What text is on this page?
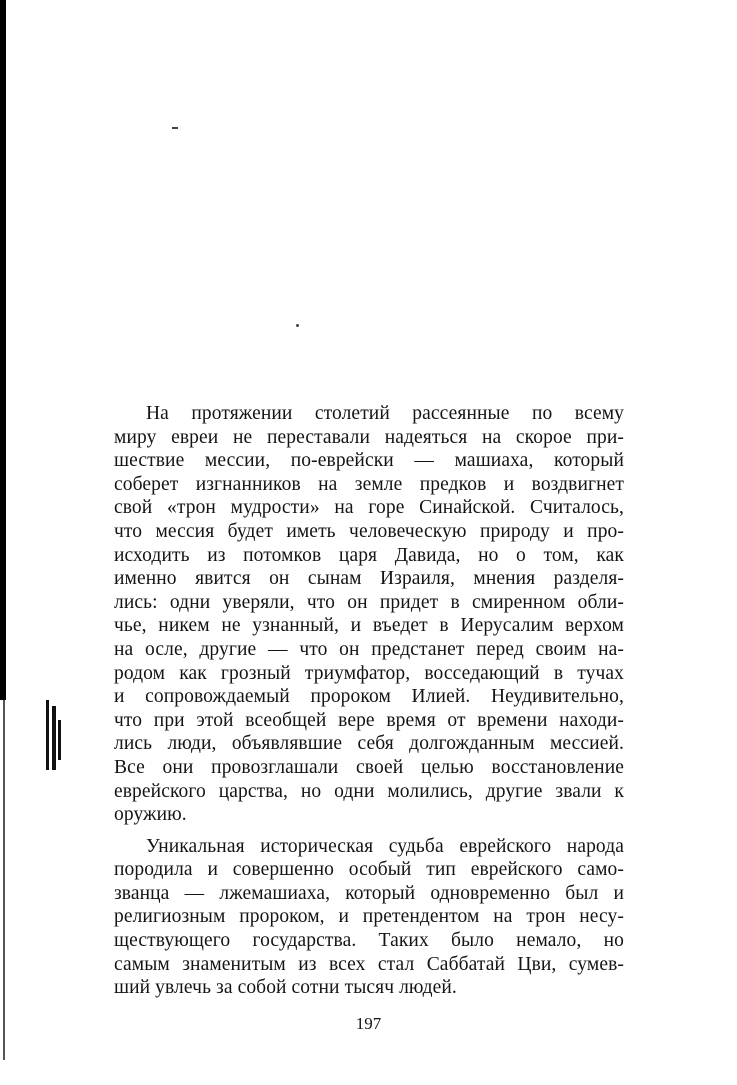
На протяжении столетий рассеянные по всему
миру евреи не переставали надеяться на скорое при-
шествие мессии, по-еврейски — машиаха, который
соберет изгнанников на земле предков и воздвигнет
свой «трон мудрости» на горе Синайской. Считалось,
что мессия будет иметь человеческую природу и про-
исходить из потомков царя Давида, но о том, как
именно явится он сынам Израиля, мнения разделя-
лись: одни уверяли, что он придет в смиренном обли-
чье, никем не узнанный, и въедет в Иерусалим верхом
на осле, другие — что он предстанет перед своим на-
родом как грозный триумфатор, восседающий в тучах
и сопровождаемый пророком Илией. Неудивительно,
что при этой всеобщей вере время от времени находи-
лись люди, объявлявшие себя долгожданным мессией.
Все они провозглашали своей целью восстановление
еврейского царства, но одни молились, другие звали к
оружию.

Уникальная историческая судьба еврейского народа
породила и совершенно особый тип еврейского само-
званца — лжемашиаха, который одновременно был и
религиозным пророком, и претендентом на трон несу-
ществующего государства. Таких было немало, но
самым знаменитым из всех стал Саббатай Цви, сумев-
ший увлечь за собой сотни тысяч людей.

197
